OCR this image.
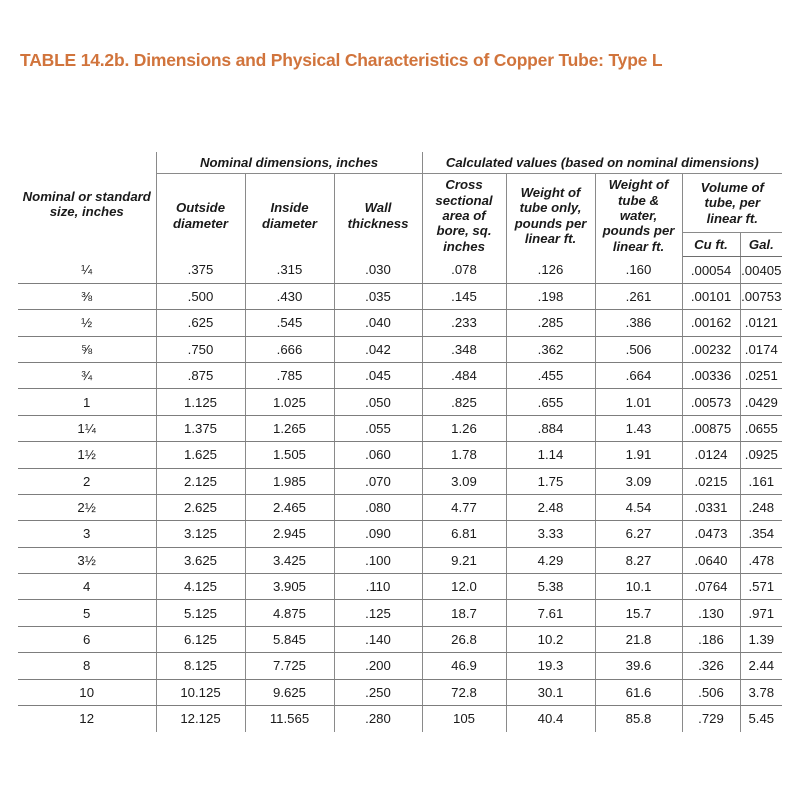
TABLE 14.2b. Dimensions and Physical Characteristics of Copper Tube: Type L
Nominal or standard size, inches	Nominal dimensions, inches			Calculated values (based on nominal dimensions)				
	Outside diameter	Inside diameter	Wall thickness	Cross sectional area of bore, sq. inches	Weight of tube only, pounds per linear ft.	Weight of tube & water, pounds per linear ft.	Volume of tube, per linear ft.	
							Cu ft.	Gal.
¼	.375	.315	.030	.078	.126	.160	.00054	.00405
⅜	.500	.430	.035	.145	.198	.261	.00101	.00753
½	.625	.545	.040	.233	.285	.386	.00162	.0121
⅝	.750	.666	.042	.348	.362	.506	.00232	.0174
¾	.875	.785	.045	.484	.455	.664	.00336	.0251
1	1.125	1.025	.050	.825	.655	1.01	.00573	.0429
1¼	1.375	1.265	.055	1.26	.884	1.43	.00875	.0655
1½	1.625	1.505	.060	1.78	1.14	1.91	.0124	.0925
2	2.125	1.985	.070	3.09	1.75	3.09	.0215	.161
2½	2.625	2.465	.080	4.77	2.48	4.54	.0331	.248
3	3.125	2.945	.090	6.81	3.33	6.27	.0473	.354
3½	3.625	3.425	.100	9.21	4.29	8.27	.0640	.478
4	4.125	3.905	.110	12.0	5.38	10.1	.0764	.571
5	5.125	4.875	.125	18.7	7.61	15.7	.130	.971
6	6.125	5.845	.140	26.8	10.2	21.8	.186	1.39
8	8.125	7.725	.200	46.9	19.3	39.6	.326	2.44
10	10.125	9.625	.250	72.8	30.1	61.6	.506	3.78
12	12.125	11.565	.280	105	40.4	85.8	.729	5.45
